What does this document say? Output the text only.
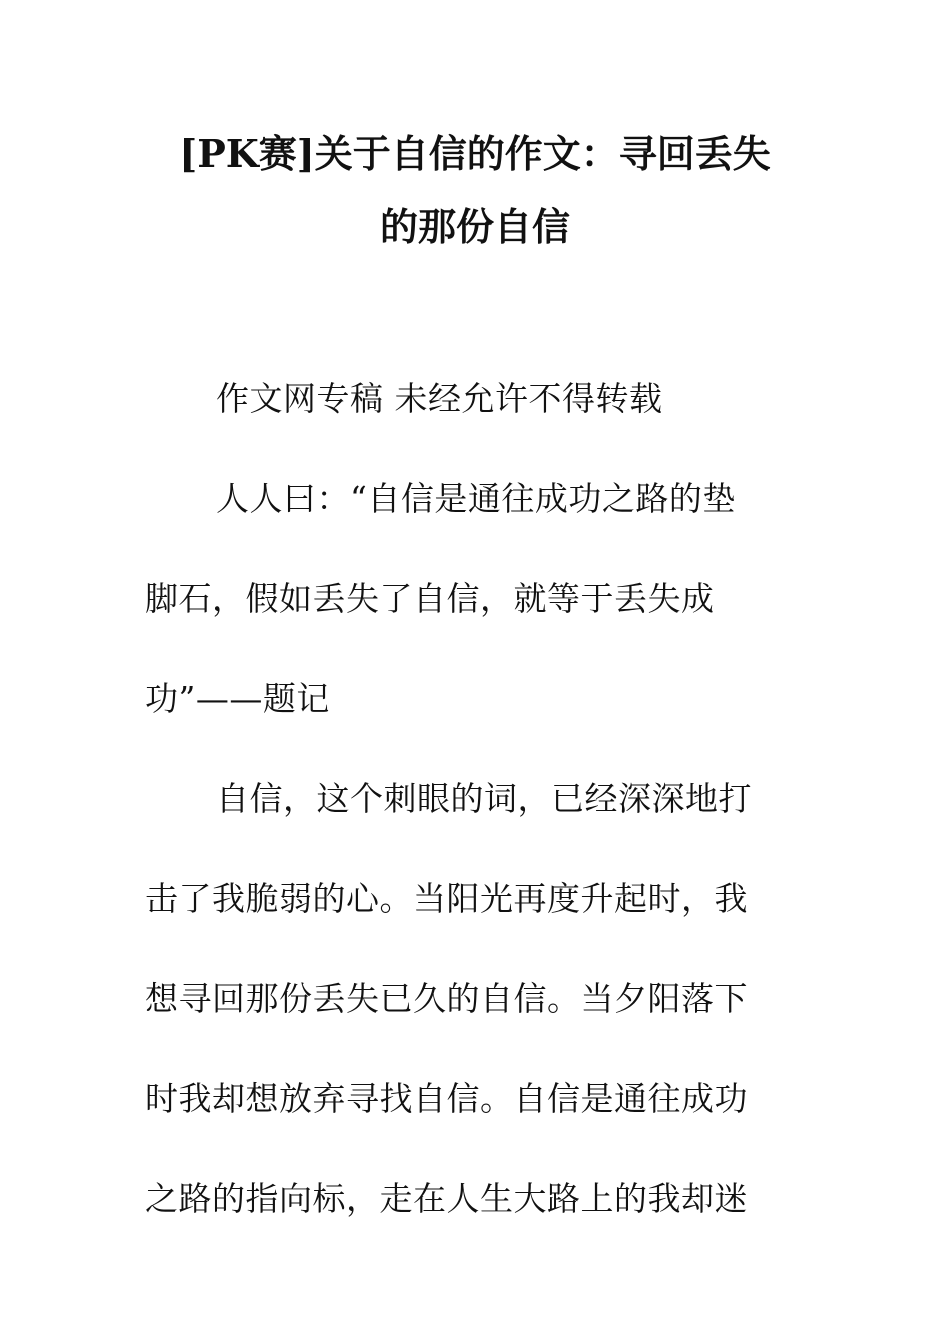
[PK赛]关于自信的作文：寻回丢失
的那份自信
作文网专稿 未经允许不得转载
人人曰：“自信是通往成功之路的垫
脚石，假如丢失了自信，就等于丢失成
功”——题记
自信，这个刺眼的词，已经深深地打
击了我脆弱的心。当阳光再度升起时，我
想寻回那份丢失已久的自信。当夕阳落下
时我却想放弃寻找自信。自信是通往成功
之路的指向标，走在人生大路上的我却迷
